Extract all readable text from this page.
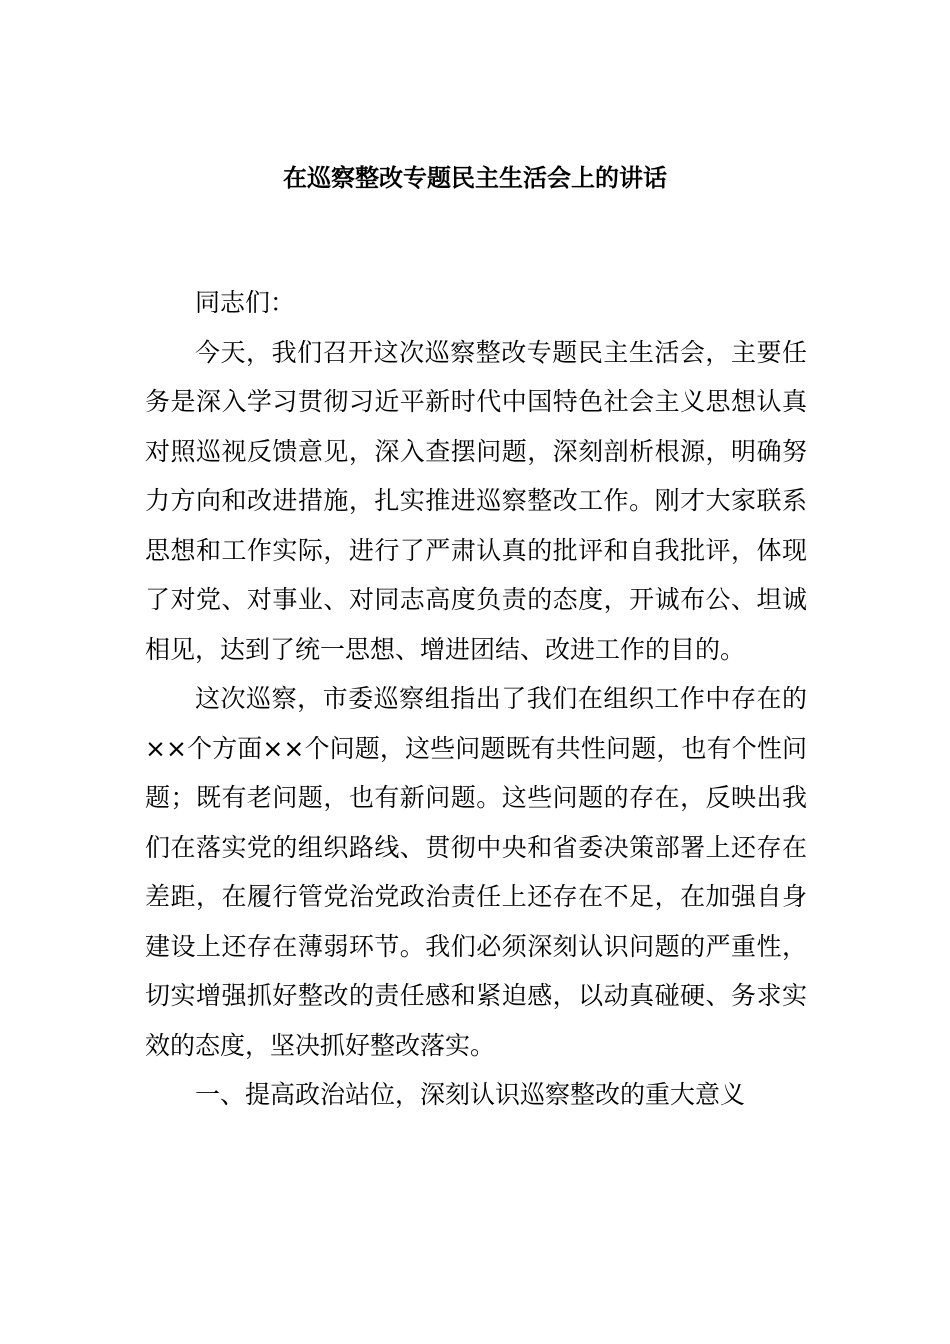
在巡察整改专题民主生活会上的讲话

同志们：

今天，我们召开这次巡察整改专题民主生活会，主要任务是深入学习贯彻习近平新时代中国特色社会主义思想认真对照巡视反馈意见，深入查摆问题，深刻剖析根源，明确努力方向和改进措施，扎实推进巡察整改工作。刚才大家联系思想和工作实际，进行了严肃认真的批评和自我批评，体现了对党、对事业、对同志高度负责的态度，开诚布公、坦诚相见，达到了统一思想、增进团结、改进工作的目的。

这次巡察，市委巡察组指出了我们在组织工作中存在的××个方面××个问题，这些问题既有共性问题，也有个性问题；既有老问题，也有新问题。这些问题的存在，反映出我们在落实党的组织路线、贯彻中央和省委决策部署上还存在差距，在履行管党治党政治责任上还存在不足，在加强自身建设上还存在薄弱环节。我们必须深刻认识问题的严重性，切实增强抓好整改的责任感和紧迫感，以动真碰硬、务求实效的态度，坚决抓好整改落实。

一、提高政治站位，深刻认识巡察整改的重大意义
